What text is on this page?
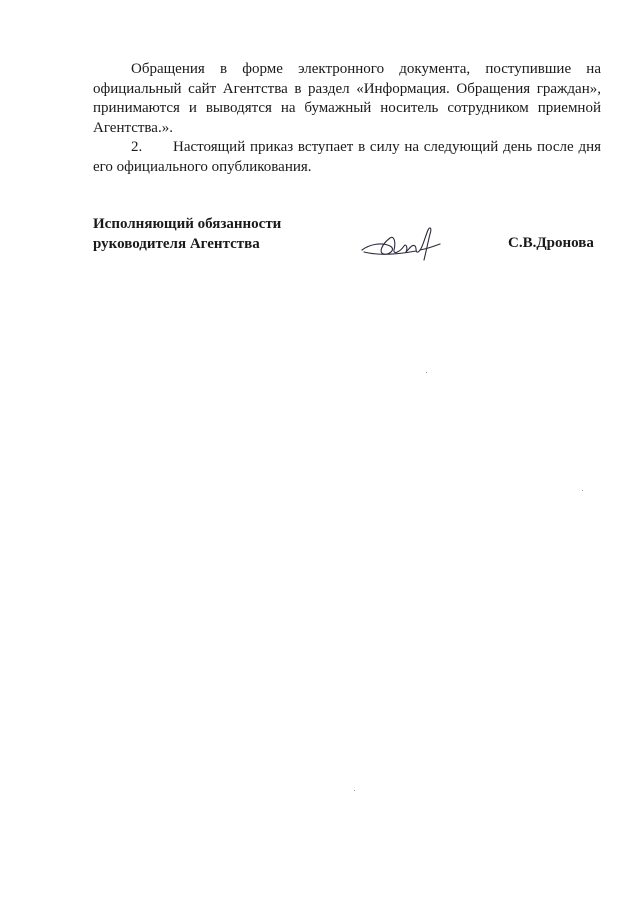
Обращения в форме электронного документа, поступившие на официальный сайт Агентства в раздел «Информация. Обращения граждан», принимаются и выводятся на бумажный носитель сотрудником приемной Агентства.».

2. Настоящий приказ вступает в силу на следующий день после дня его официального опубликования.

Исполняющий обязанности
руководителя Агентства	С.В.Дронова
